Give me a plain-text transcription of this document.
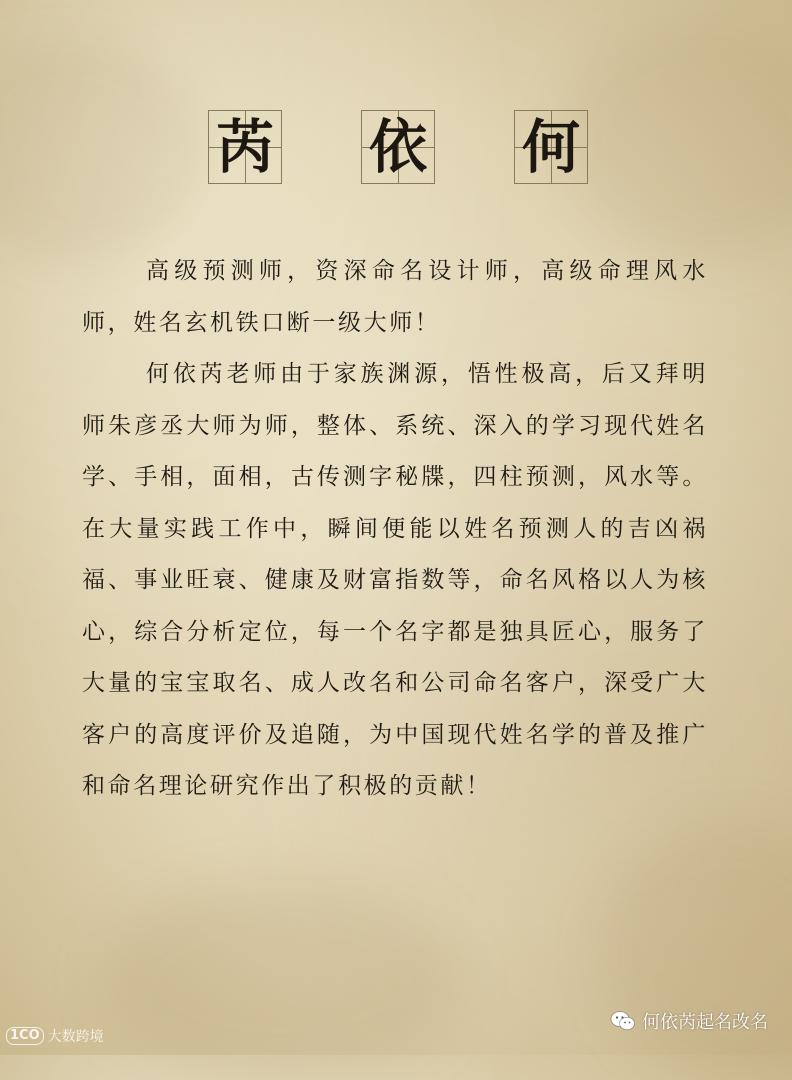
芮 依 何

高级预测师，资深命名设计师，高级命理风水师，姓名玄机铁口断一级大师！

何依芮老师由于家族渊源，悟性极高，后又拜明师朱彦丞大师为师，整体、系统、深入的学习现代姓名学、手相，面相，古传测字秘牒，四柱预测，风水等。在大量实践工作中，瞬间便能以姓名预测人的吉凶祸福、事业旺衰、健康及财富指数等，命名风格以人为核心，综合分析定位，每一个名字都是独具匠心，服务了大量的宝宝取名、成人改名和公司命名客户，深受广大客户的高度评价及追随，为中国现代姓名学的普及推广和命名理论研究作出了积极的贡献！

1CO 大数跨境
何依芮起名改名
